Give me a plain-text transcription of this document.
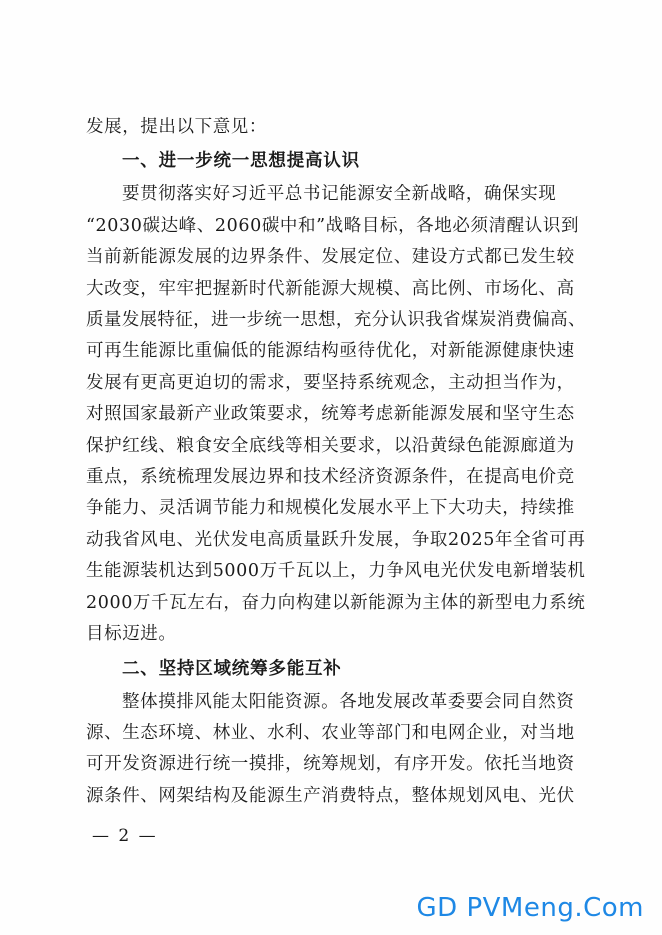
发展，提出以下意见：

一、进一步统一思想提高认识
要贯彻落实好习近平总书记能源安全新战略，确保实现
“2030碳达峰、2060碳中和”战略目标，各地必须清醒认识到
当前新能源发展的边界条件、发展定位、建设方式都已发生较
大改变，牢牢把握新时代新能源大规模、高比例、市场化、高
质量发展特征，进一步统一思想，充分认识我省煤炭消费偏高、
可再生能源比重偏低的能源结构亟待优化，对新能源健康快速
发展有更高更迫切的需求，要坚持系统观念，主动担当作为，
对照国家最新产业政策要求，统筹考虑新能源发展和坚守生态
保护红线、粮食安全底线等相关要求，以沿黄绿色能源廊道为
重点，系统梳理发展边界和技术经济资源条件，在提高电价竞
争能力、灵活调节能力和规模化发展水平上下大功夫，持续推
动我省风电、光伏发电高质量跃升发展，争取2025年全省可再
生能源装机达到5000万千瓦以上，力争风电光伏发电新增装机
2000万千瓦左右，奋力向构建以新能源为主体的新型电力系统
目标迈进。
二、坚持区域统筹多能互补
整体摸排风能太阳能资源。各地发展改革委要会同自然资
源、生态环境、林业、水利、农业等部门和电网企业，对当地
可开发资源进行统一摸排，统筹规划，有序开发。依托当地资
源条件、网架结构及能源生产消费特点，整体规划风电、光伏
— 2 —
GD PVMeng.Com
